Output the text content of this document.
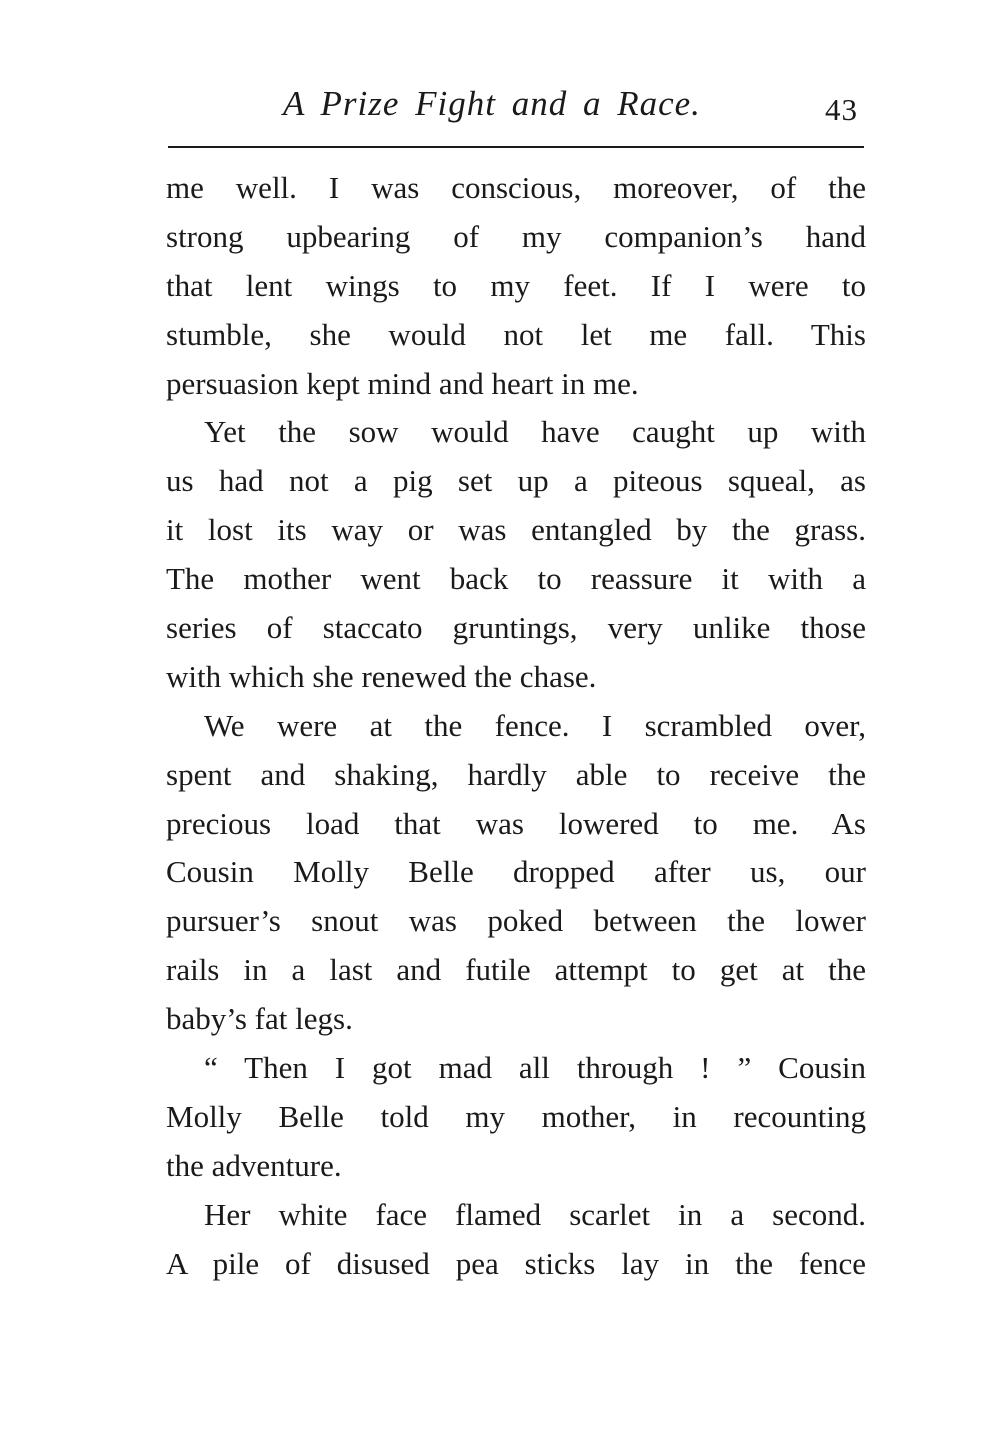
A Prize Fight and a Race.	43
me well. I was conscious, moreover, of the
strong upbearing of my companion’s hand
that lent wings to my feet. If I were to
stumble, she would not let me fall. This
persuasion kept mind and heart in me.
Yet the sow would have caught up with
us had not a pig set up a piteous squeal, as
it lost its way or was entangled by the grass.
The mother went back to reassure it with a
series of staccato gruntings, very unlike those
with which she renewed the chase.
We were at the fence. I scrambled over,
spent and shaking, hardly able to receive the
precious load that was lowered to me. As
Cousin Molly Belle dropped after us, our
pursuer’s snout was poked between the lower
rails in a last and futile attempt to get at the
baby’s fat legs.
“ Then I got mad all through ! ” Cousin
Molly Belle told my mother, in recounting
the adventure.
Her white face flamed scarlet in a second.
A pile of disused pea sticks lay in the fence
